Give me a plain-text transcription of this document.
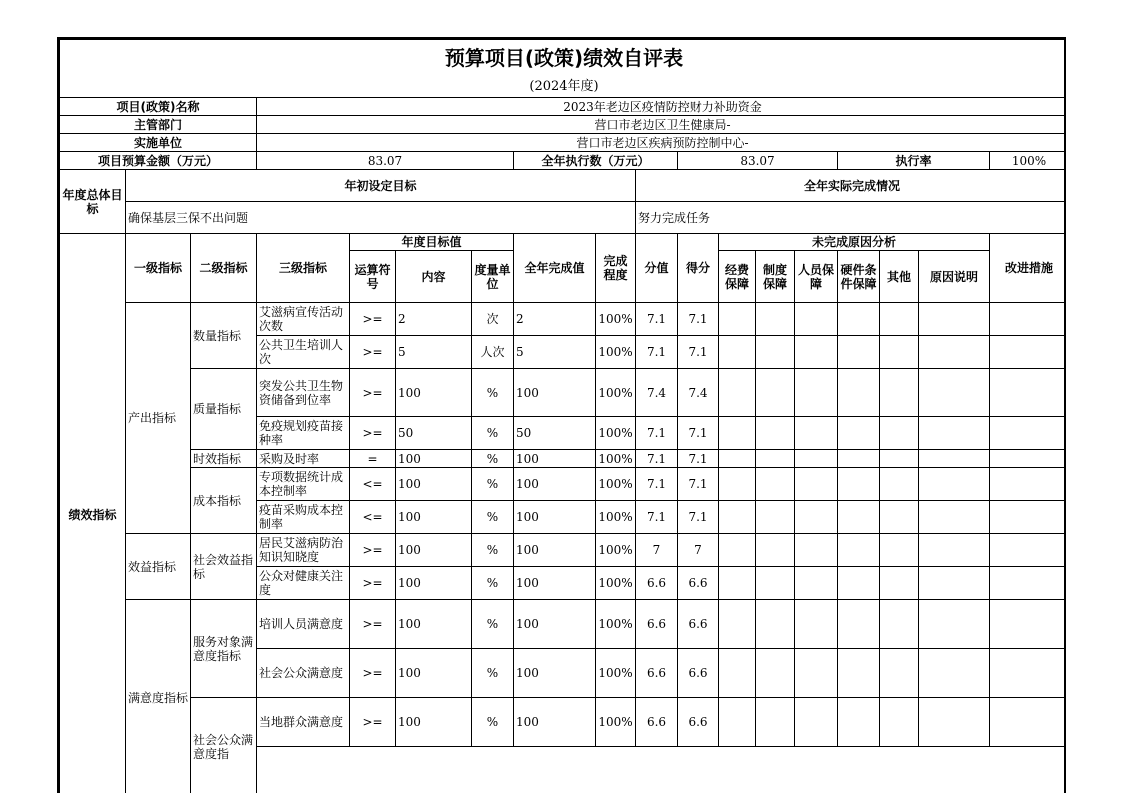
预算项目(政策)绩效自评表																	
(2024年度)																	
项目(政策)名称			2023年老边区疫情防控财力补助资金														
主管部门			营口市老边区卫生健康局-														
实施单位			营口市老边区疾病预防控制中心-														
项目预算金额（万元）			83.07				全年执行数（万元）			83.07				执行率			100%
年度总体目标	年初设定目标								全年实际完成情况								
	确保基层三保不出问题								努力完成任务								
绩效指标	一级指标	二级指标	三级指标	年度目标值			全年完成值	完成程度	分值	得分	未完成原因分析						改进措施
				运算符号	内容	度量单位					经费保障	制度保障	人员保障	硬件条件保障	其他	原因说明	
	产出指标	数量指标	艾滋病宣传活动次数	>=	2	次	2	100%	7.1	7.1							
			公共卫生培训人次	>=	5	人次	5	100%	7.1	7.1							
		质量指标	突发公共卫生物资储备到位率	>=	100	%	100	100%	7.4	7.4							
			免疫规划疫苗接种率	>=	50	%	50	100%	7.1	7.1							
		时效指标	采购及时率	=	100	%	100	100%	7.1	7.1							
		成本指标	专项数据统计成本控制率	<=	100	%	100	100%	7.1	7.1							
			疫苗采购成本控制率	<=	100	%	100	100%	7.1	7.1							
	效益指标	社会效益指标	居民艾滋病防治知识知晓度	>=	100	%	100	100%	7	7							
			公众对健康关注度	>=	100	%	100	100%	6.6	6.6							
	满意度指标	服务对象满意度指标	培训人员满意度	>=	100	%	100	100%	6.6	6.6							
			社会公众满意度	>=	100	%	100	100%	6.6	6.6							
		社会公众满意度指	当地群众满意度	>=	100	%	100	100%	6.6	6.6							
